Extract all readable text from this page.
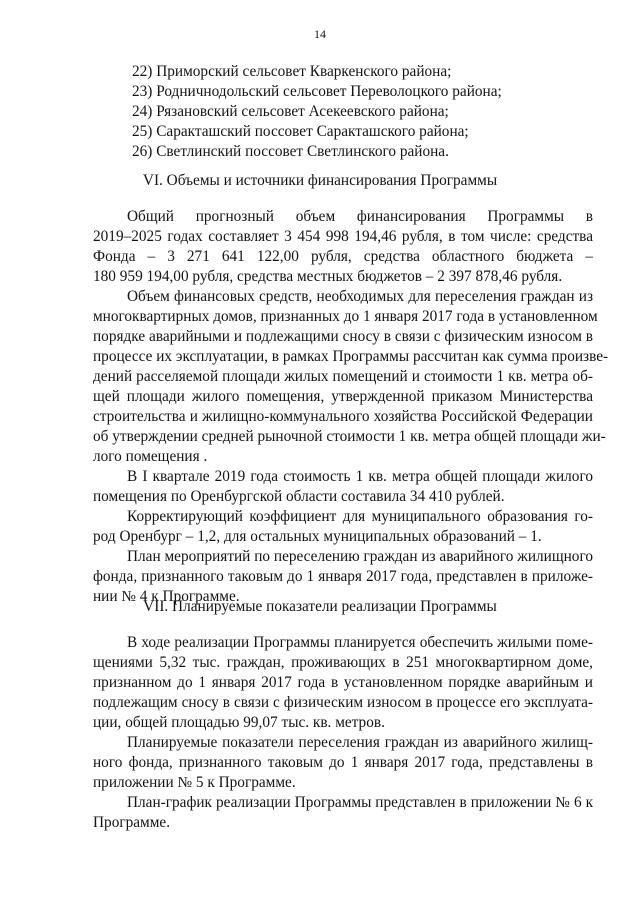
14
22) Приморский сельсовет Кваркенского района;
23) Родничнодольский сельсовет Переволоцкого района;
24) Рязановский сельсовет Асекеевского района;
25) Саракташский поссовет Саракташского района;
26) Светлинский поссовет Светлинского района.
VI. Объемы и источники финансирования Программы
Общий прогнозный объем финансирования Программы в
2019–2025 годах составляет 3 454 998 194,46 рубля, в том числе: средства
Фонда – 3 271 641 122,00 рубля, средства областного бюджета –
180 959 194,00 рубля, средства местных бюджетов – 2 397 878,46 рубля.
Объем финансовых средств, необходимых для переселения граждан из
многоквартирных домов, признанных до 1 января 2017 года в установленном
порядке аварийными и подлежащими сносу в связи с физическим износом в
процессе их эксплуатации, в рамках Программы рассчитан как сумма произве-
дений расселяемой площади жилых помещений и стоимости 1 кв. метра об-
щей площади жилого помещения, утвержденной приказом Министерства
строительства и жилищно-коммунального хозяйства Российской Федерации
об утверждении средней рыночной стоимости 1 кв. метра общей площади жи-
лого помещения .
В I квартале 2019 года стоимость 1 кв. метра общей площади жилого
помещения по Оренбургской области составила 34 410 рублей.
Корректирующий коэффициент для муниципального образования го-
род Оренбург – 1,2, для остальных муниципальных образований – 1.
План мероприятий по переселению граждан из аварийного жилищного
фонда, признанного таковым до 1 января 2017 года, представлен в приложе-
нии № 4 к Программе.
VII. Планируемые показатели реализации Программы
В ходе реализации Программы планируется обеспечить жилыми поме-
щениями 5,32 тыс. граждан, проживающих в 251 многоквартирном доме,
признанном до 1 января 2017 года в установленном порядке аварийным и
подлежащим сносу в связи с физическим износом в процессе его эксплуата-
ции, общей площадью 99,07 тыс. кв. метров.
Планируемые показатели переселения граждан из аварийного жилищ-
ного фонда, признанного таковым до 1 января 2017 года, представлены в
приложении № 5 к Программе.
План-график реализации Программы представлен в приложении № 6 к
Программе.
